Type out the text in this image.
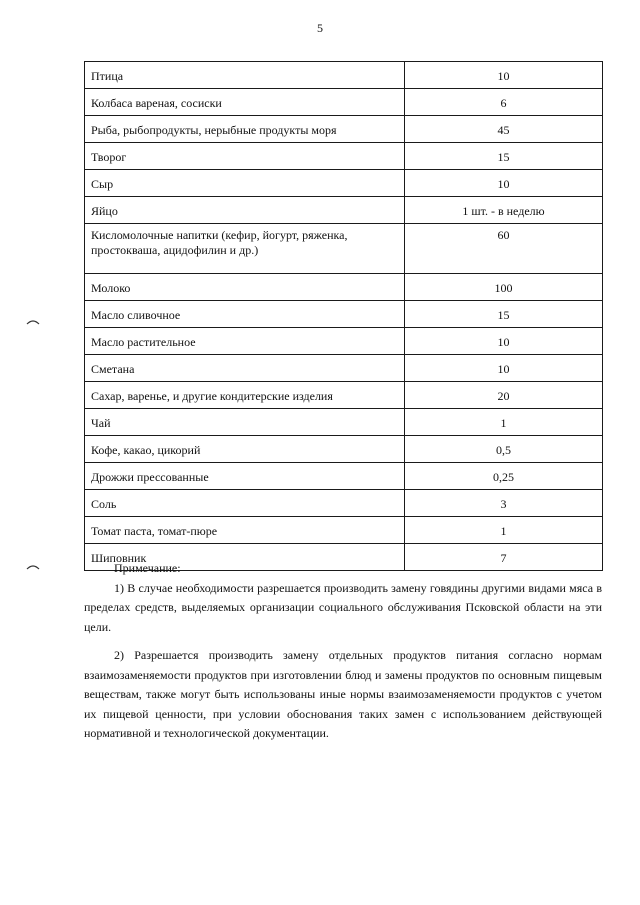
5
Птица	10
Колбаса вареная, сосиски	6
Рыба, рыбопродукты, нерыбные продукты моря	45
Творог	15
Сыр	10
Яйцо	1 шт. - в неделю
Кисломолочные напитки (кефир, йогурт, ряженка, простокваша, ацидофилин и др.)	60
Молоко	100
Масло сливочное	15
Масло растительное	10
Сметана	10
Сахар, варенье, и другие кондитерские изделия	20
Чай	1
Кофе, какао, цикорий	0,5
Дрожжи прессованные	0,25
Соль	3
Томат паста, томат-пюре	1
Шиповник	7
Примечание:

1) В случае необходимости разрешается производить замену говядины другими видами мяса в пределах средств, выделяемых организации социального обслуживания Псковской области на эти цели.

2) Разрешается производить замену отдельных продуктов питания согласно нормам взаимозаменяемости продуктов при изготовлении блюд и замены продуктов по основным пищевым веществам, также могут быть использованы иные нормы взаимозаменяемости продуктов с учетом их пищевой ценности, при условии обоснования таких замен с использованием действующей нормативной и технологической документации.
